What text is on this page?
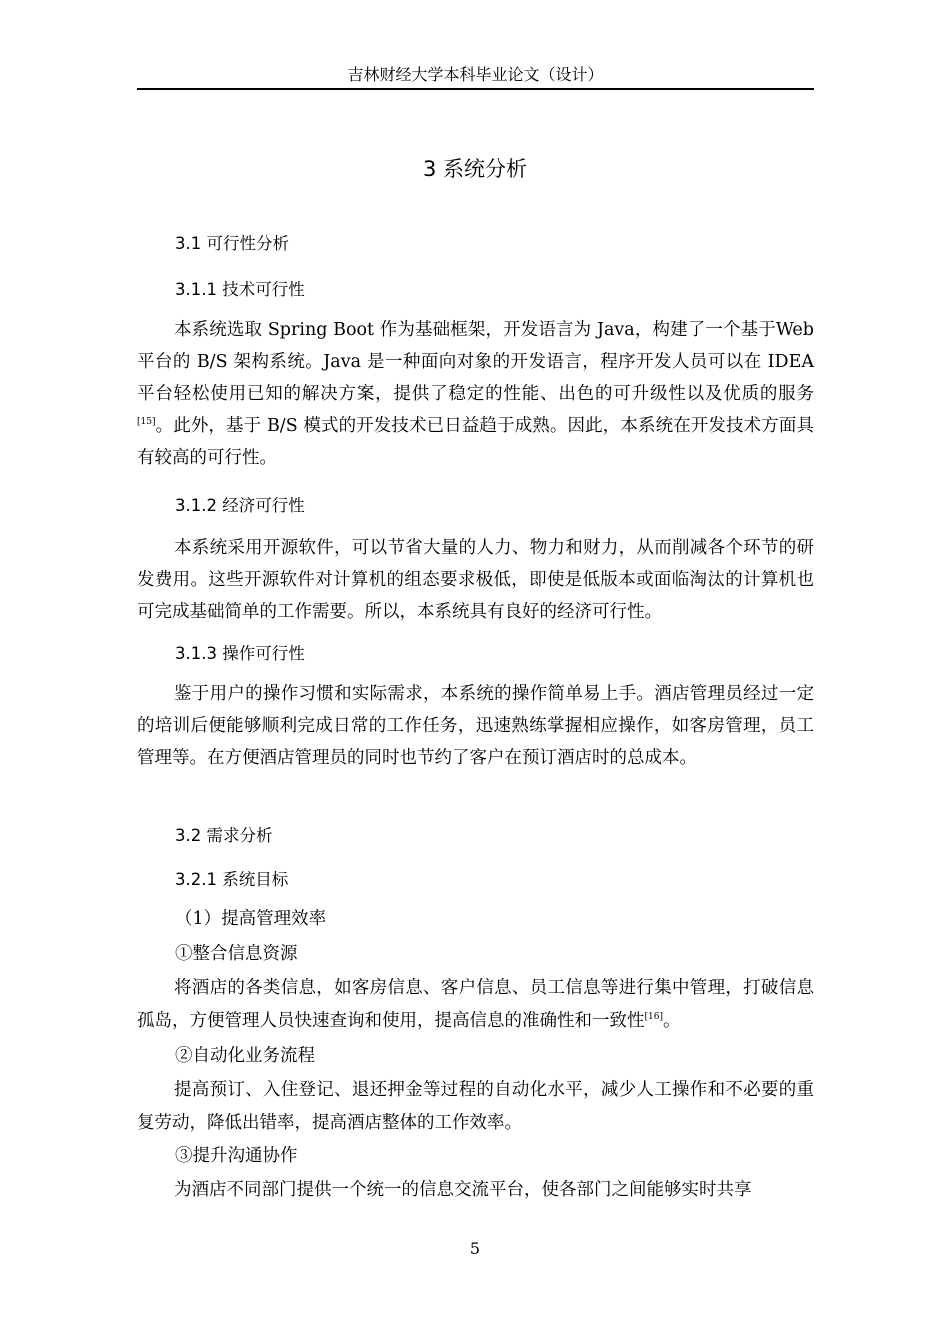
吉林财经大学本科毕业论文（设计）
3 系统分析
3.1 可行性分析
3.1.1 技术可行性

本系统选取 Spring Boot 作为基础框架，开发语言为 Java，构建了一个基于Web 平台的 B/S 架构系统。Java 是一种面向对象的开发语言，程序开发人员可以在 IDEA 平台轻松使用已知的解决方案，提供了稳定的性能、出色的可升级性以及优质的服务[15]。此外，基于 B/S 模式的开发技术已日益趋于成熟。因此，本系统在开发技术方面具有较高的可行性。

3.1.2 经济可行性

本系统采用开源软件，可以节省大量的人力、物力和财力，从而削减各个环节的研发费用。这些开源软件对计算机的组态要求极低，即使是低版本或面临淘汰的计算机也可完成基础简单的工作需要。所以，本系统具有良好的经济可行性。

3.1.3 操作可行性

鉴于用户的操作习惯和实际需求，本系统的操作简单易上手。酒店管理员经过一定的培训后便能够顺利完成日常的工作任务，迅速熟练掌握相应操作，如客房管理，员工管理等。在方便酒店管理员的同时也节约了客户在预订酒店时的总成本。

3.2 需求分析
3.2.1 系统目标
（1）提高管理效率
①整合信息资源

将酒店的各类信息，如客房信息、客户信息、员工信息等进行集中管理，打破信息孤岛，方便管理人员快速查询和使用，提高信息的准确性和一致性[16]。

②自动化业务流程

提高预订、入住登记、退还押金等过程的自动化水平，减少人工操作和不必要的重复劳动，降低出错率，提高酒店整体的工作效率。

③提升沟通协作

为酒店不同部门提供一个统一的信息交流平台，使各部门之间能够实时共享

5
